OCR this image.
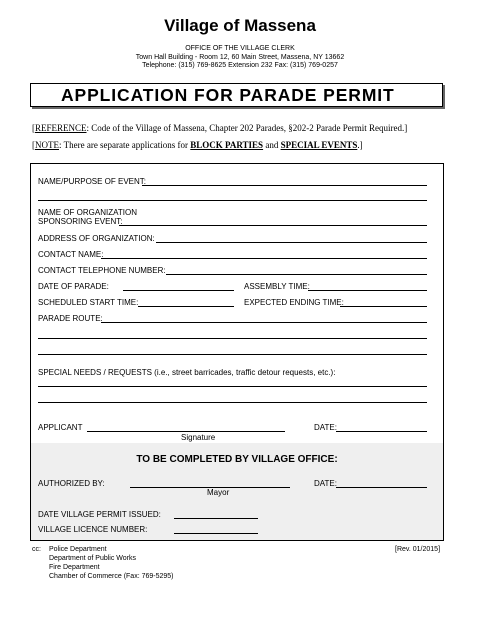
Village of Massena
OFFICE OF THE VILLAGE CLERK
Town Hall Building - Room 12, 60 Main Street, Massena, NY 13662
Telephone: (315) 769-8625 Extension 232 Fax: (315) 769-0257
APPLICATION FOR PARADE PERMIT
[REFERENCE: Code of the Village of Massena, Chapter 202 Parades, §202-2 Parade Permit Required.]
[NOTE: There are separate applications for BLOCK PARTIES and SPECIAL EVENTS.]
NAME/PURPOSE OF EVENT:
NAME OF ORGANIZATION
SPONSORING EVENT:
ADDRESS OF ORGANIZATION:
CONTACT NAME:
CONTACT TELEPHONE NUMBER:
DATE OF PARADE:	ASSEMBLY TIME:
SCHEDULED START TIME:	EXPECTED ENDING TIME:
PARADE ROUTE:
SPECIAL NEEDS / REQUESTS (i.e., street barricades, traffic detour requests, etc.):
APPLICANT
Signature
DATE:
TO BE COMPLETED BY VILLAGE OFFICE:
AUTHORIZED BY:
Mayor
DATE:
DATE VILLAGE PERMIT ISSUED:
VILLAGE LICENCE NUMBER:
cc: Police Department
Department of Public Works
Fire Department
Chamber of Commerce (Fax: 769-5295)
[Rev. 01/2015]
